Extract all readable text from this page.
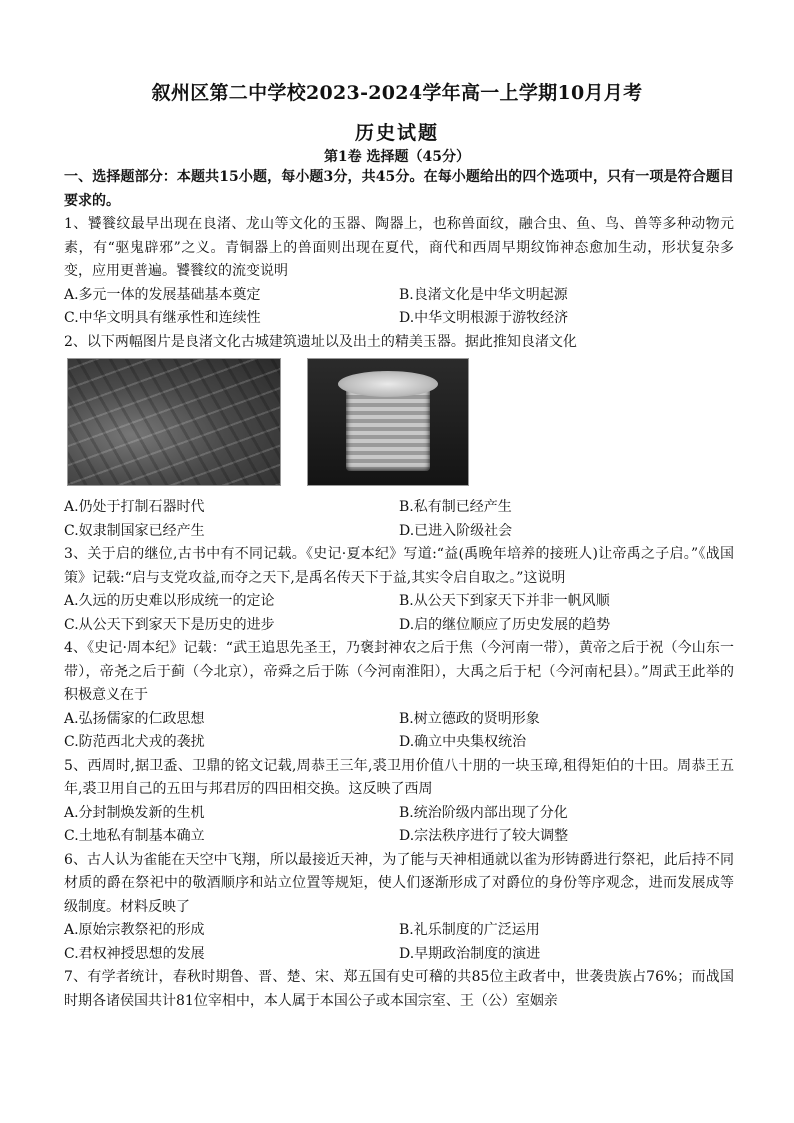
叙州区第二中学校2023-2024学年高一上学期10月月考
历史试题
第1卷 选择题（45分）

一、选择题部分：本题共15小题，每小题3分，共45分。在每小题给出的四个选项中，只有一项是符合题目要求的。

1、饕餮纹最早出现在良渚、龙山等文化的玉器、陶器上，也称兽面纹，融合虫、鱼、鸟、兽等多种动物元素，有“驱鬼辟邪”之义。青铜器上的兽面则出现在夏代，商代和西周早期纹饰神态愈加生动，形状复杂多变，应用更普遍。饕餮纹的流变说明

A.多元一体的发展基础基本奠定	B.良渚文化是中华文明起源
C.中华文明具有继承性和连续性	D.中华文明根源于游牧经济

2、以下两幅图片是良渚文化古城建筑遗址以及出土的精美玉器。据此推知良渚文化

A.仍处于打制石器时代	B.私有制已经产生
C.奴隶制国家已经产生	D.已进入阶级社会

3、关于启的继位,古书中有不同记载。《史记·夏本纪》写道:“益(禹晚年培养的接班人)让帝禹之子启。”《战国策》记载:“启与支党攻益,而夺之天下,是禹名传天下于益,其实令启自取之。”这说明

A.久远的历史难以形成统一的定论	B.从公天下到家天下并非一帆风顺
C.从公天下到家天下是历史的进步	D.启的继位顺应了历史发展的趋势

4、《史记·周本纪》记载：“武王追思先圣王，乃褒封神农之后于焦（今河南一带），黄帝之后于祝（今山东一带），帝尧之后于蓟（今北京），帝舜之后于陈（今河南淮阳），大禹之后于杞（今河南杞县）。”周武王此举的积极意义在于

A.弘扬儒家的仁政思想	B.树立德政的贤明形象
C.防范西北犬戎的袭扰	D.确立中央集权统治

5、西周时,据卫盉、卫鼎的铭文记载,周恭王三年,裘卫用价值八十朋的一块玉璋,租得矩伯的十田。周恭王五年,裘卫用自己的五田与邦君厉的四田相交换。这反映了西周

A.分封制焕发新的生机	B.统治阶级内部出现了分化
C.土地私有制基本确立	D.宗法秩序进行了较大调整

6、古人认为雀能在天空中飞翔，所以最接近天神，为了能与天神相通就以雀为形铸爵进行祭祀，此后持不同材质的爵在祭祀中的敬酒顺序和站立位置等规矩，使人们逐渐形成了对爵位的身份等序观念，进而发展成等级制度。材料反映了

A.原始宗教祭祀的形成	B.礼乐制度的广泛运用
C.君权神授思想的发展	D.早期政治制度的演进

7、有学者统计，春秋时期鲁、晋、楚、宋、郑五国有史可稽的共85位主政者中，世袭贵族占76%；而战国时期各诸侯国共计81位宰相中，本人属于本国公子或本国宗室、王（公）室姻亲
